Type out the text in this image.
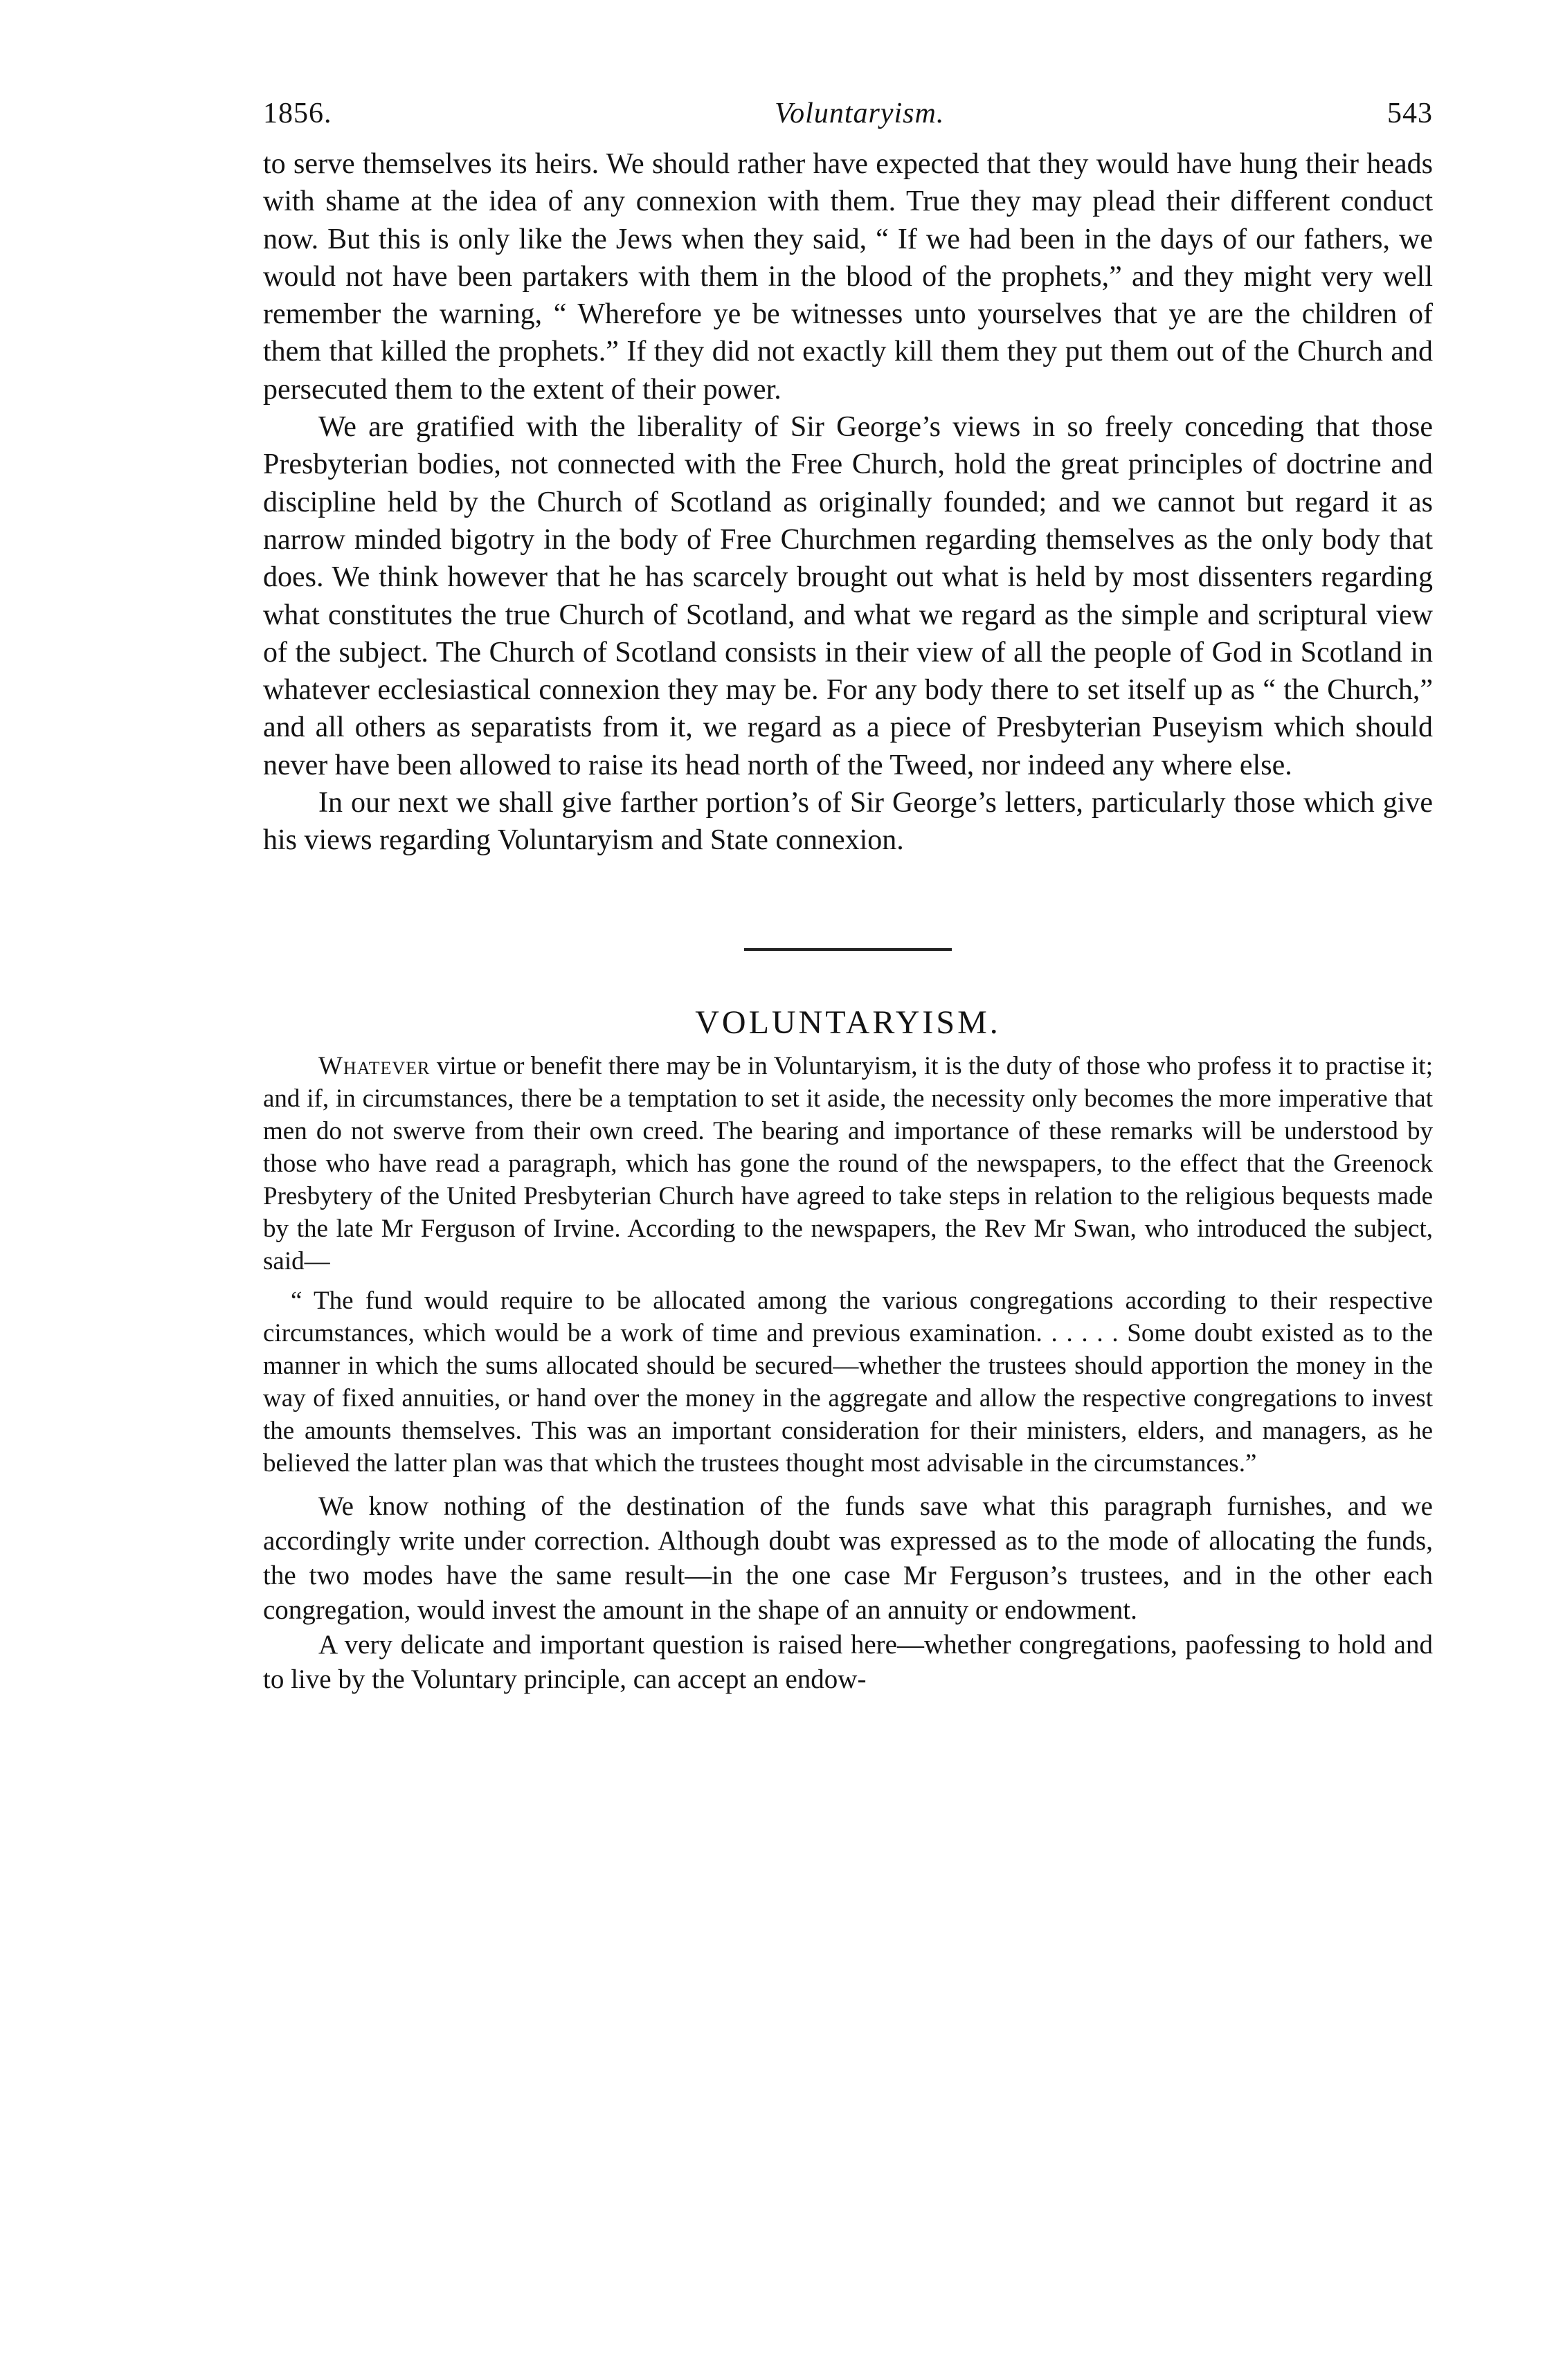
1856.	Voluntaryism.	543

to serve themselves its heirs. We should rather have expected that they would have hung their heads with shame at the idea of any connexion with them. True they may plead their different conduct now. But this is only like the Jews when they said, “ If we had been in the days of our fathers, we would not have been partakers with them in the blood of the prophets,” and they might very well remember the warning, “ Wherefore ye be witnesses unto yourselves that ye are the children of them that killed the prophets.” If they did not exactly kill them they put them out of the Church and persecuted them to the extent of their power.

We are gratified with the liberality of Sir George’s views in so freely conceding that those Presbyterian bodies, not connected with the Free Church, hold the great principles of doctrine and discipline held by the Church of Scotland as originally founded; and we cannot but regard it as narrow minded bigotry in the body of Free Churchmen regarding themselves as the only body that does. We think however that he has scarcely brought out what is held by most dissenters regarding what constitutes the true Church of Scotland, and what we regard as the simple and scriptural view of the subject. The Church of Scotland consists in their view of all the people of God in Scotland in whatever ecclesiastical connexion they may be. For any body there to set itself up as “ the Church,” and all others as separatists from it, we regard as a piece of Presbyterian Puseyism which should never have been allowed to raise its head north of the Tweed, nor indeed any where else.

In our next we shall give farther portion’s of Sir George’s letters, particularly those which give his views regarding Voluntaryism and State connexion.

VOLUNTARYISM.

Whatever virtue or benefit there may be in Voluntaryism, it is the duty of those who profess it to practise it; and if, in circumstances, there be a temptation to set it aside, the necessity only becomes the more imperative that men do not swerve from their own creed. The bearing and importance of these remarks will be understood by those who have read a paragraph, which has gone the round of the newspapers, to the effect that the Greenock Presbytery of the United Presbyterian Church have agreed to take steps in relation to the religious bequests made by the late Mr Ferguson of Irvine. According to the newspapers, the Rev Mr Swan, who introduced the subject, said—

“ The fund would require to be allocated among the various congregations according to their respective circumstances, which would be a work of time and previous examination. . . . . . Some doubt existed as to the manner in which the sums allocated should be secured—whether the trustees should apportion the money in the way of fixed annuities, or hand over the money in the aggregate and allow the respective congregations to invest the amounts themselves. This was an important consideration for their ministers, elders, and managers, as he believed the latter plan was that which the trustees thought most advisable in the circumstances.”

We know nothing of the destination of the funds save what this paragraph furnishes, and we accordingly write under correction. Although doubt was expressed as to the mode of allocating the funds, the two modes have the same result—in the one case Mr Ferguson’s trustees, and in the other each congregation, would invest the amount in the shape of an annuity or endowment.

A very delicate and important question is raised here—whether congregations, paofessing to hold and to live by the Voluntary principle, can accept an endow-
